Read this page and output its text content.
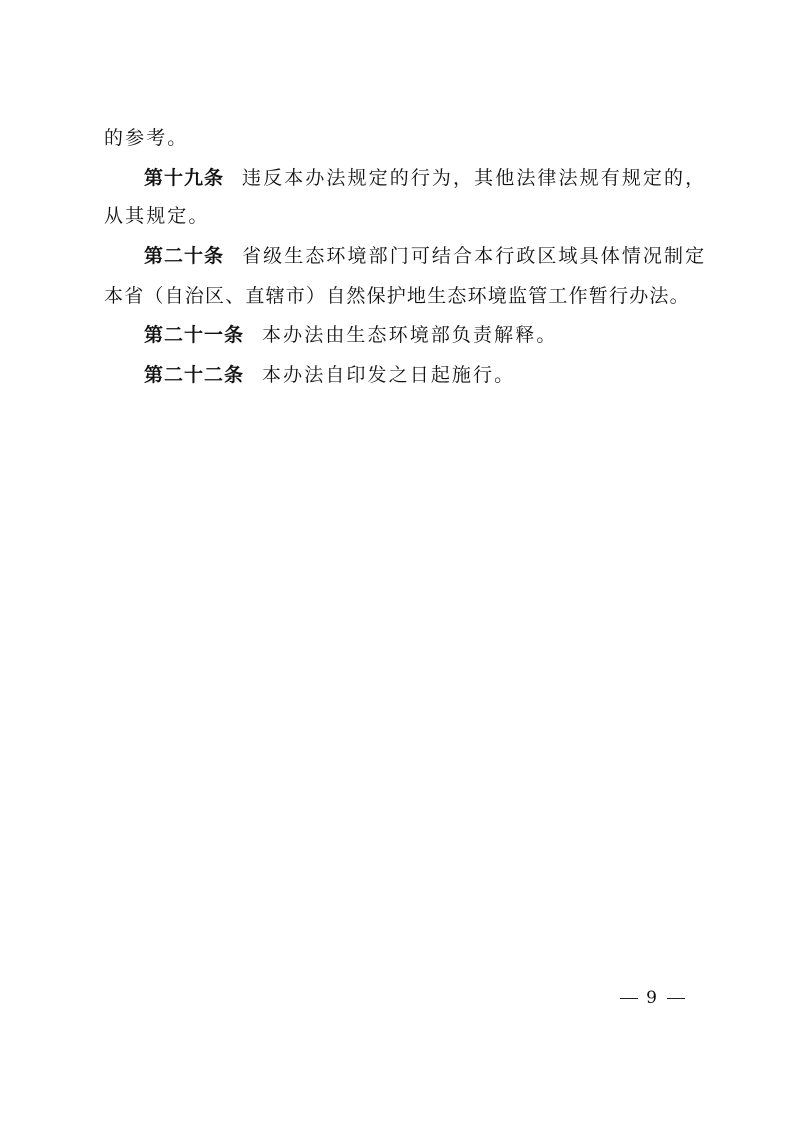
的参考。
第十九条 违反本办法规定的行为，其他法律法规有规定的，
从其规定。
第二十条 省级生态环境部门可结合本行政区域具体情况制定
本省（自治区、直辖市）自然保护地生态环境监管工作暂行办法。
第二十一条 本办法由生态环境部负责解释。
第二十二条 本办法自印发之日起施行。
9
